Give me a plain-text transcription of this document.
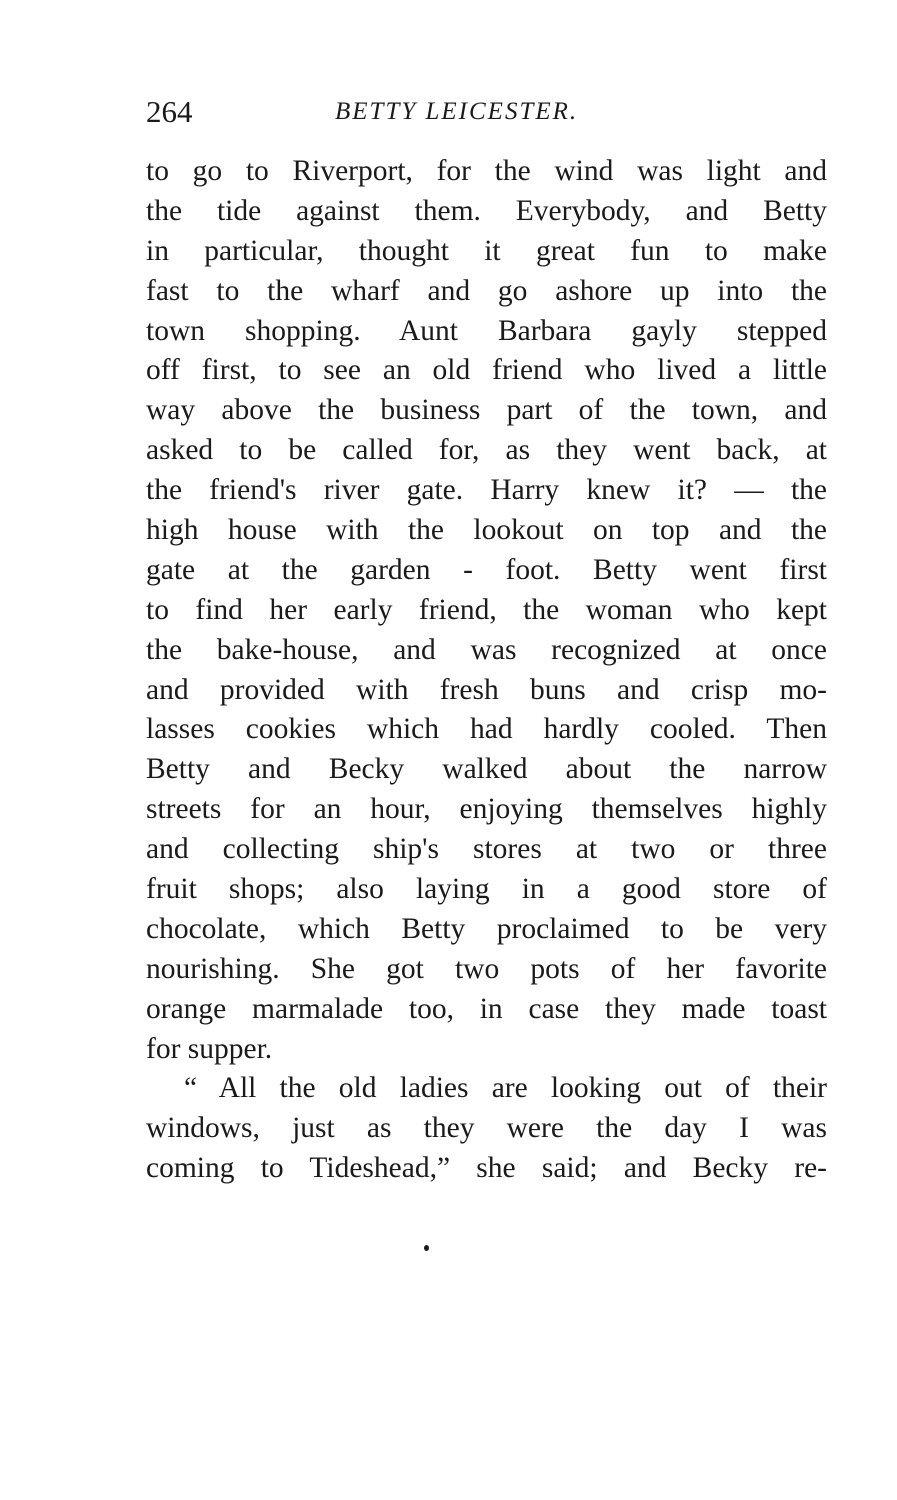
264	BETTY LEICESTER.
to go to Riverport, for the wind was light and
the tide against them. Everybody, and Betty
in particular, thought it great fun to make
fast to the wharf and go ashore up into the
town shopping. Aunt Barbara gayly stepped
off first, to see an old friend who lived a little
way above the business part of the town, and
asked to be called for, as they went back, at
the friend's river gate. Harry knew it? — the
high house with the lookout on top and the
gate at the garden - foot. Betty went first
to find her early friend, the woman who kept
the bake-house, and was recognized at once
and provided with fresh buns and crisp mo-
lasses cookies which had hardly cooled. Then
Betty and Becky walked about the narrow
streets for an hour, enjoying themselves highly
and collecting ship's stores at two or three
fruit shops; also laying in a good store of
chocolate, which Betty proclaimed to be very
nourishing. She got two pots of her favorite
orange marmalade too, in case they made toast
for supper.
“ All the old ladies are looking out of their
windows, just as they were the day I was
coming to Tideshead,” she said; and Becky re-
